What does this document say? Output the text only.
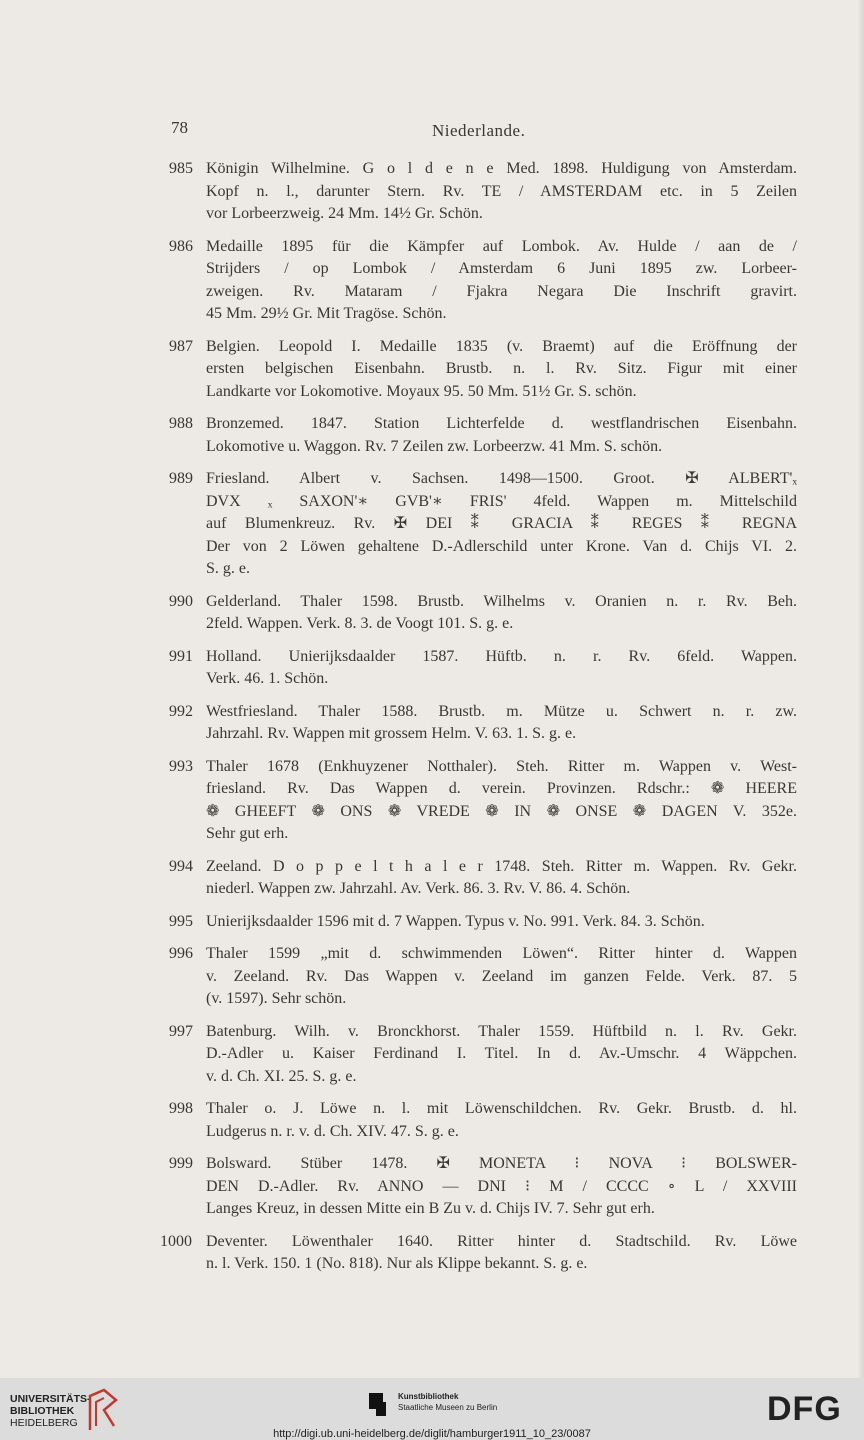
78	Niederlande.
985 Königin Wilhelmine. G o l d e n e Med. 1898. Huldigung von Amsterdam.
Kopf n. l., darunter Stern. Rv. TE / AMSTERDAM etc. in 5 Zeilen
vor Lorbeerzweig. 24 Mm. 14½ Gr. Schön.
986 Medaille 1895 für die Kämpfer auf Lombok. Av. Hulde / aan de /
Strijders / op Lombok / Amsterdam 6 Juni 1895 zw. Lorbeer-
zweigen. Rv. Mataram / Fjakra Negara Die Inschrift gravirt.
45 Mm. 29½ Gr. Mit Tragöse. Schön.
987 Belgien. Leopold I. Medaille 1835 (v. Braemt) auf die Eröffnung der
ersten belgischen Eisenbahn. Brustb. n. l. Rv. Sitz. Figur mit einer
Landkarte vor Lokomotive. Moyaux 95. 50 Mm. 51½ Gr. S. schön.
988 Bronzemed. 1847. Station Lichterfelde d. westflandrischen Eisenbahn.
Lokomotive u. Waggon. Rv. 7 Zeilen zw. Lorbeerzw. 41 Mm. S. schön.
989 Friesland. Albert v. Sachsen. 1498—1500. Groot. ✠ ALBERT'ₓ
DVX ₓ SAXON'∗ GVB'∗ FRIS' 4feld. Wappen m. Mittelschild
auf Blumenkreuz. Rv. ✠ DEI ⁑ GRACIA ⁑ REGES ⁑ REGNA
Der von 2 Löwen gehaltene D.-Adlerschild unter Krone. Van d. Chijs VI. 2.
S. g. e.
990 Gelderland. Thaler 1598. Brustb. Wilhelms v. Oranien n. r. Rv. Beh.
2feld. Wappen. Verk. 8. 3. de Voogt 101. S. g. e.
991 Holland. Unierijksdaalder 1587. Hüftb. n. r. Rv. 6feld. Wappen.
Verk. 46. 1. Schön.
992 Westfriesland. Thaler 1588. Brustb. m. Mütze u. Schwert n. r. zw.
Jahrzahl. Rv. Wappen mit grossem Helm. V. 63. 1. S. g. e.
993 Thaler 1678 (Enkhuyzener Notthaler). Steh. Ritter m. Wappen v. West-
friesland. Rv. Das Wappen d. verein. Provinzen. Rdschr.: ❁ HEERE
❁ GHEEFT ❁ ONS ❁ VREDE ❁ IN ❁ ONSE ❁ DAGEN V. 352e.
Sehr gut erh.
994 Zeeland. D o p p e l t h a l e r 1748. Steh. Ritter m. Wappen. Rv. Gekr.
niederl. Wappen zw. Jahrzahl. Av. Verk. 86. 3. Rv. V. 86. 4. Schön.
995 Unierijksdaalder 1596 mit d. 7 Wappen. Typus v. No. 991. Verk. 84. 3. Schön.
996 Thaler 1599 „mit d. schwimmenden Löwen“. Ritter hinter d. Wappen
v. Zeeland. Rv. Das Wappen v. Zeeland im ganzen Felde. Verk. 87. 5
(v. 1597). Sehr schön.
997 Batenburg. Wilh. v. Bronckhorst. Thaler 1559. Hüftbild n. l. Rv. Gekr.
D.-Adler u. Kaiser Ferdinand I. Titel. In d. Av.-Umschr. 4 Wäppchen.
v. d. Ch. XI. 25. S. g. e.
998 Thaler o. J. Löwe n. l. mit Löwenschildchen. Rv. Gekr. Brustb. d. hl.
Ludgerus n. r. v. d. Ch. XIV. 47. S. g. e.
999 Bolsward. Stüber 1478. ✠ MONETA ⁝ NOVA ⁝ BOLSWER-
DEN D.-Adler. Rv. ANNO — DNI ⁝ M / CCCC ∘ L / XXVIII
Langes Kreuz, in dessen Mitte ein B Zu v. d. Chijs IV. 7. Sehr gut erh.
1000 Deventer. Löwenthaler 1640. Ritter hinter d. Stadtschild. Rv. Löwe
n. l. Verk. 150. 1 (No. 818). Nur als Klippe bekannt. S. g. e.
UNIVERSITÄTS-
BIBLIOTHEK
HEIDELBERG
Kunstbibliothek
Staatliche Museen zu Berlin	DFG
http://digi.ub.uni-heidelberg.de/diglit/hamburger1911_10_23/0087
